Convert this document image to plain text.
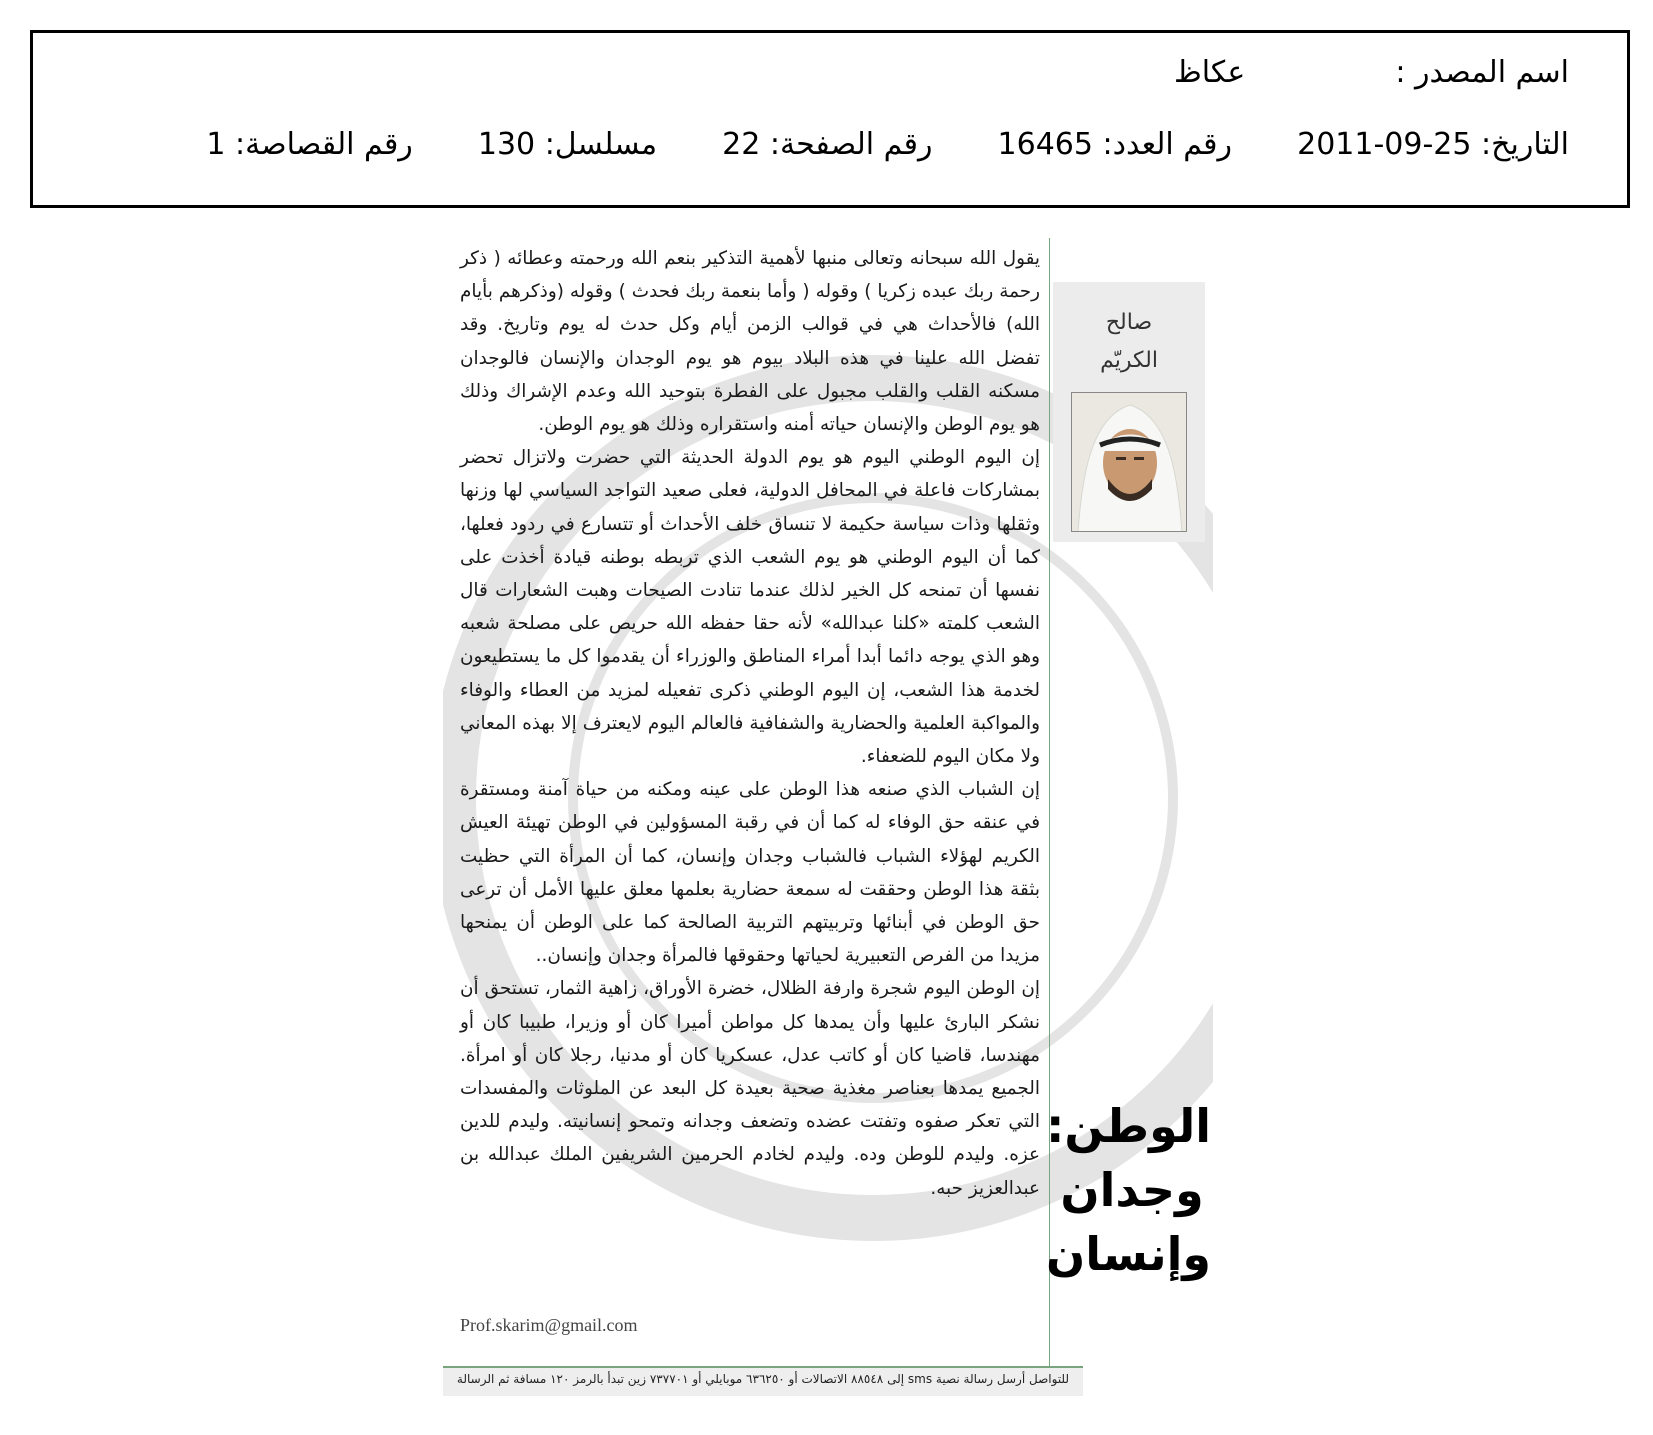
اسم المصدر :عكاظ
التاريخ: 2011-09-25  رقم العدد: 16465  رقم الصفحة: 22  مسلسل: 130  رقم القصاصة: 1

يقول الله سبحانه وتعالى منبها لأهمية التذكير بنعم الله ورحمته وعطائه ( ذكر رحمة ربك عبده زكريا ) وقوله ( وأما بنعمة ربك فحدث ) وقوله (وذكرهم بأيام الله) فالأحداث هي في قوالب الزمن أيام وكل حدث له يوم وتاريخ. وقد تفضل الله علينا في هذه البلاد بيوم هو يوم الوجدان والإنسان فالوجدان مسكنه القلب والقلب مجبول على الفطرة بتوحيد الله وعدم الإشراك وذلك هو يوم الوطن والإنسان حياته أمنه واستقراره وذلك هو يوم الوطن.

إن اليوم الوطني اليوم هو يوم الدولة الحديثة التي حضرت ولاتزال تحضر بمشاركات فاعلة في المحافل الدولية، فعلى صعيد التواجد السياسي لها وزنها وثقلها وذات سياسة حكيمة لا تنساق خلف الأحداث أو تتسارع في ردود فعلها، كما أن اليوم الوطني هو يوم الشعب الذي تربطه بوطنه قيادة أخذت على نفسها أن تمنحه كل الخير لذلك عندما تنادت الصيحات وهبت الشعارات قال الشعب كلمته «كلنا عبدالله» لأنه حقا حفظه الله حريص على مصلحة شعبه وهو الذي يوجه دائما أبدا أمراء المناطق والوزراء أن يقدموا كل ما يستطيعون لخدمة هذا الشعب، إن اليوم الوطني ذكرى تفعيله لمزيد من العطاء والوفاء والمواكبة العلمية والحضارية والشفافية فالعالم اليوم لايعترف إلا بهذه المعاني ولا مكان اليوم للضعفاء.

إن الشباب الذي صنعه هذا الوطن على عينه ومكنه من حياة آمنة ومستقرة في عنقه حق الوفاء له كما أن في رقبة المسؤولين في الوطن تهيئة العيش الكريم لهؤلاء الشباب فالشباب وجدان وإنسان، كما أن المرأة التي حظيت بثقة هذا الوطن وحققت له سمعة حضارية بعلمها معلق عليها الأمل أن ترعى حق الوطن في أبنائها وتربيتهم التربية الصالحة كما على الوطن أن يمنحها مزيدا من الفرص التعبيرية لحياتها وحقوقها فالمرأة وجدان وإنسان..

إن الوطن اليوم شجرة وارفة الظلال، خضرة الأوراق، زاهية الثمار، تستحق أن نشكر البارئ عليها وأن يمدها كل مواطن أميرا كان أو وزيرا، طبيبا كان أو مهندسا، قاضيا كان أو كاتب عدل، عسكريا كان أو مدنيا، رجلا كان أو امرأة. الجميع يمدها بعناصر مغذية صحية بعيدة كل البعد عن الملوثات والمفسدات التي تعكر صفوه وتفتت عضده وتضعف وجدانه وتمحو إنسانيته. وليدم للدين عزه. وليدم للوطن وده. وليدم لخادم الحرمين الشريفين الملك عبدالله بن عبدالعزيز حبه.

Prof.skarim@gmail.com
صالح
الكريّم
الوطن:
وجدان
وإنسان
للتواصل أرسل رسالة نصية sms إلى ٨٨٥٤٨ الاتصالات أو ٦٣٦٢٥٠ موبايلي أو ٧٣٧٧٠١ زين تبدأ بالرمز ١٢٠ مسافة ثم الرسالة
